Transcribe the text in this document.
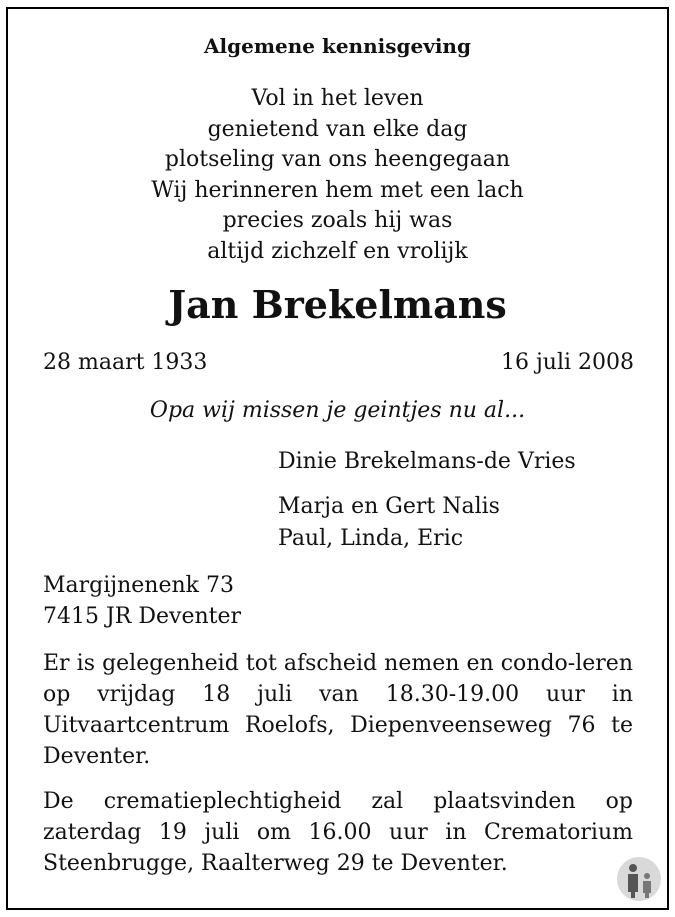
Algemene kennisgeving
Vol in het leven
genietend van elke dag
plotseling van ons heengegaan
Wij herinneren hem met een lach
precies zoals hij was
altijd zichzelf en vrolijk
Jan Brekelmans
28 maart 1933	16 juli 2008
Opa wij missen je geintjes nu al...
Dinie Brekelmans-de Vries
Marja en Gert Nalis
Paul, Linda, Eric
Margijnenenk 73
7415 JR Deventer
Er is gelegenheid tot afscheid nemen en condo-leren op vrijdag 18 juli van 18.30-19.00 uur in Uitvaartcentrum Roelofs, Diepenveenseweg 76 te Deventer.
De crematieplechtigheid zal plaatsvinden op zaterdag 19 juli om 16.00 uur in Crematorium Steenbrugge, Raalterweg 29 te Deventer.
